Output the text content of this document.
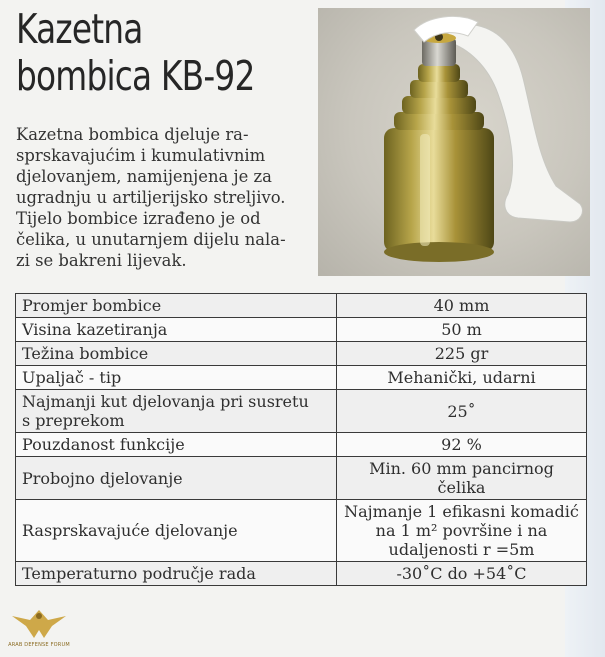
Kazetna
bombica KB-92
Kazetna bombica djeluje ra-
sprskavajućim i kumulativnim
djelovanjem, namijenjena je za
ugradnju u artiljerijsko streljivo.
Tijelo bombice izrađeno je od
čelika, u unutarnjem dijelu nala-
zi se bakreni lijevak.
Promjer bombice	40 mm
Visina kazetiranja	50 m
Težina bombice	225 gr
Upaljač - tip	Mehanički, udarni
Najmanji kut djelovanja pri susretu
s preprekom	25˚
Pouzdanost funkcije	92 %
Probojno djelovanje	Min. 60 mm pancirnog čelika
Rasprskavajuće djelovanje	Najmanje 1 efikasni komadić
na 1 m² površine i na
udaljenosti r =5m
Temperaturno područje rada	-30˚C do +54˚C
ARAB DEFENSE FORUM
